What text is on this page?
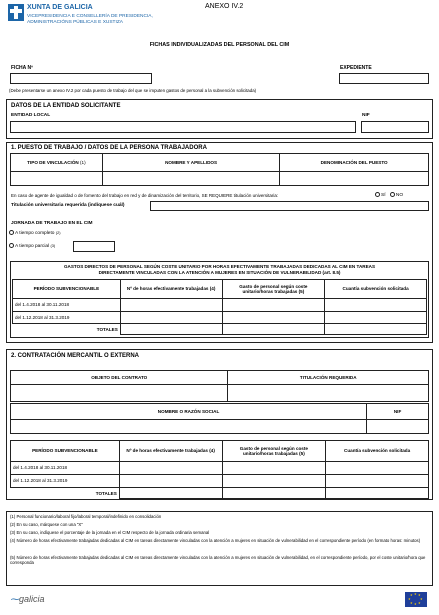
XUNTA DE GALICIA
VICEPRESIDENCIA E CONSELLERÍA DE PRESIDENCIA,
ADMINISTRACIÓNS PÚBLICAS E XUSTIZA
ANEXO IV.2
FICHAS INDIVIDUALIZADAS DEL PERSONAL DEL CIM
FICHA Nº	EXPEDIENTE
(Debe presentarse un anexo IV.2 por cada puesto de trabajo del que se imputen gastos de personal a la subvención solicitada)
DATOS DE LA ENTIDAD SOLICITANTE
ENTIDAD LOCAL	NIF
1. PUESTO DE TRABAJO / DATOS DE LA PERSONA TRABAJADORA
TIPO DE VINCULACIÓN (1)	NOMBRE Y APELLIDOS	DENOMINACIÓN DEL PUESTO

En caso de agente de igualdad o de fomento del trabajo en red y de dinamización del territorio, SE REQUIERE titulación universitaria:	SÍ NO
Titulación universitaria requerida (indíquese cuál)
JORNADA DE TRABAJO EN EL CIM
A tiempo completo (2)
A tiempo parcial (3)
GASTOS DIRECTOS DE PERSONAL SEGÚN COSTE UNITARIO POR HORAS EFECTIVAMENTE TRABAJADAS DEDICADAS AL CIM EN TAREAS
DIRECTAMENTE VINCULADAS CON LA ATENCIÓN A MUJERES EN SITUACIÓN DE VULNERABILIDAD (art. 8.5)
PERÍODO SUBVENCIONABLE	Nº de horas efectivamente trabajadas (4)	Gasto de personal según coste unitario/horas trabajadas (5)	Cuantía subvención solicitada
del 1.4.2018 al 30.11.2018			
del 1.12.2018 al 31.3.2019			
TOTALES			
2. CONTRATACIÓN MERCANTIL O EXTERNA
OBJETO DEL CONTRATO	TITULACIÓN REQUERIDA

NOMBRE O RAZÓN SOCIAL	NIF

PERÍODO SUBVENCIONABLE	Nº de horas efectivamente trabajadas (4)	Gasto de personal según coste unitario/horas trabajadas (5)	Cuantía subvención solicitada
del 1.4.2018 al 30.11.2018			
del 1.12.2018 al 31.3.2019			
TOTALES			
(1) Personal funcionario/laboral fijo/laboral temporal/indefinido en consolidación
(2) En su caso, márquese con una "X"
(3) En su caso, indíquese el porcentaje de la jornada en el CIM respecto de la jornada ordinaria semanal
(4) Número de horas efectivamente trabajadas dedicadas al CIM en tareas directamente vinculadas con la atención a mujeres en situación de vulnerabilidad en el correspondiente período (en formato horas: minutos)
(5) Número de horas efectivamente trabajadas dedicadas al CIM en tareas directamente vinculadas con la atención a mujeres en situación de vulnerabilidad, en el correspondiente período, por el coste unitario/hora que corresponda
⁓galicia	★ ★
★
★
★
★
★
★
